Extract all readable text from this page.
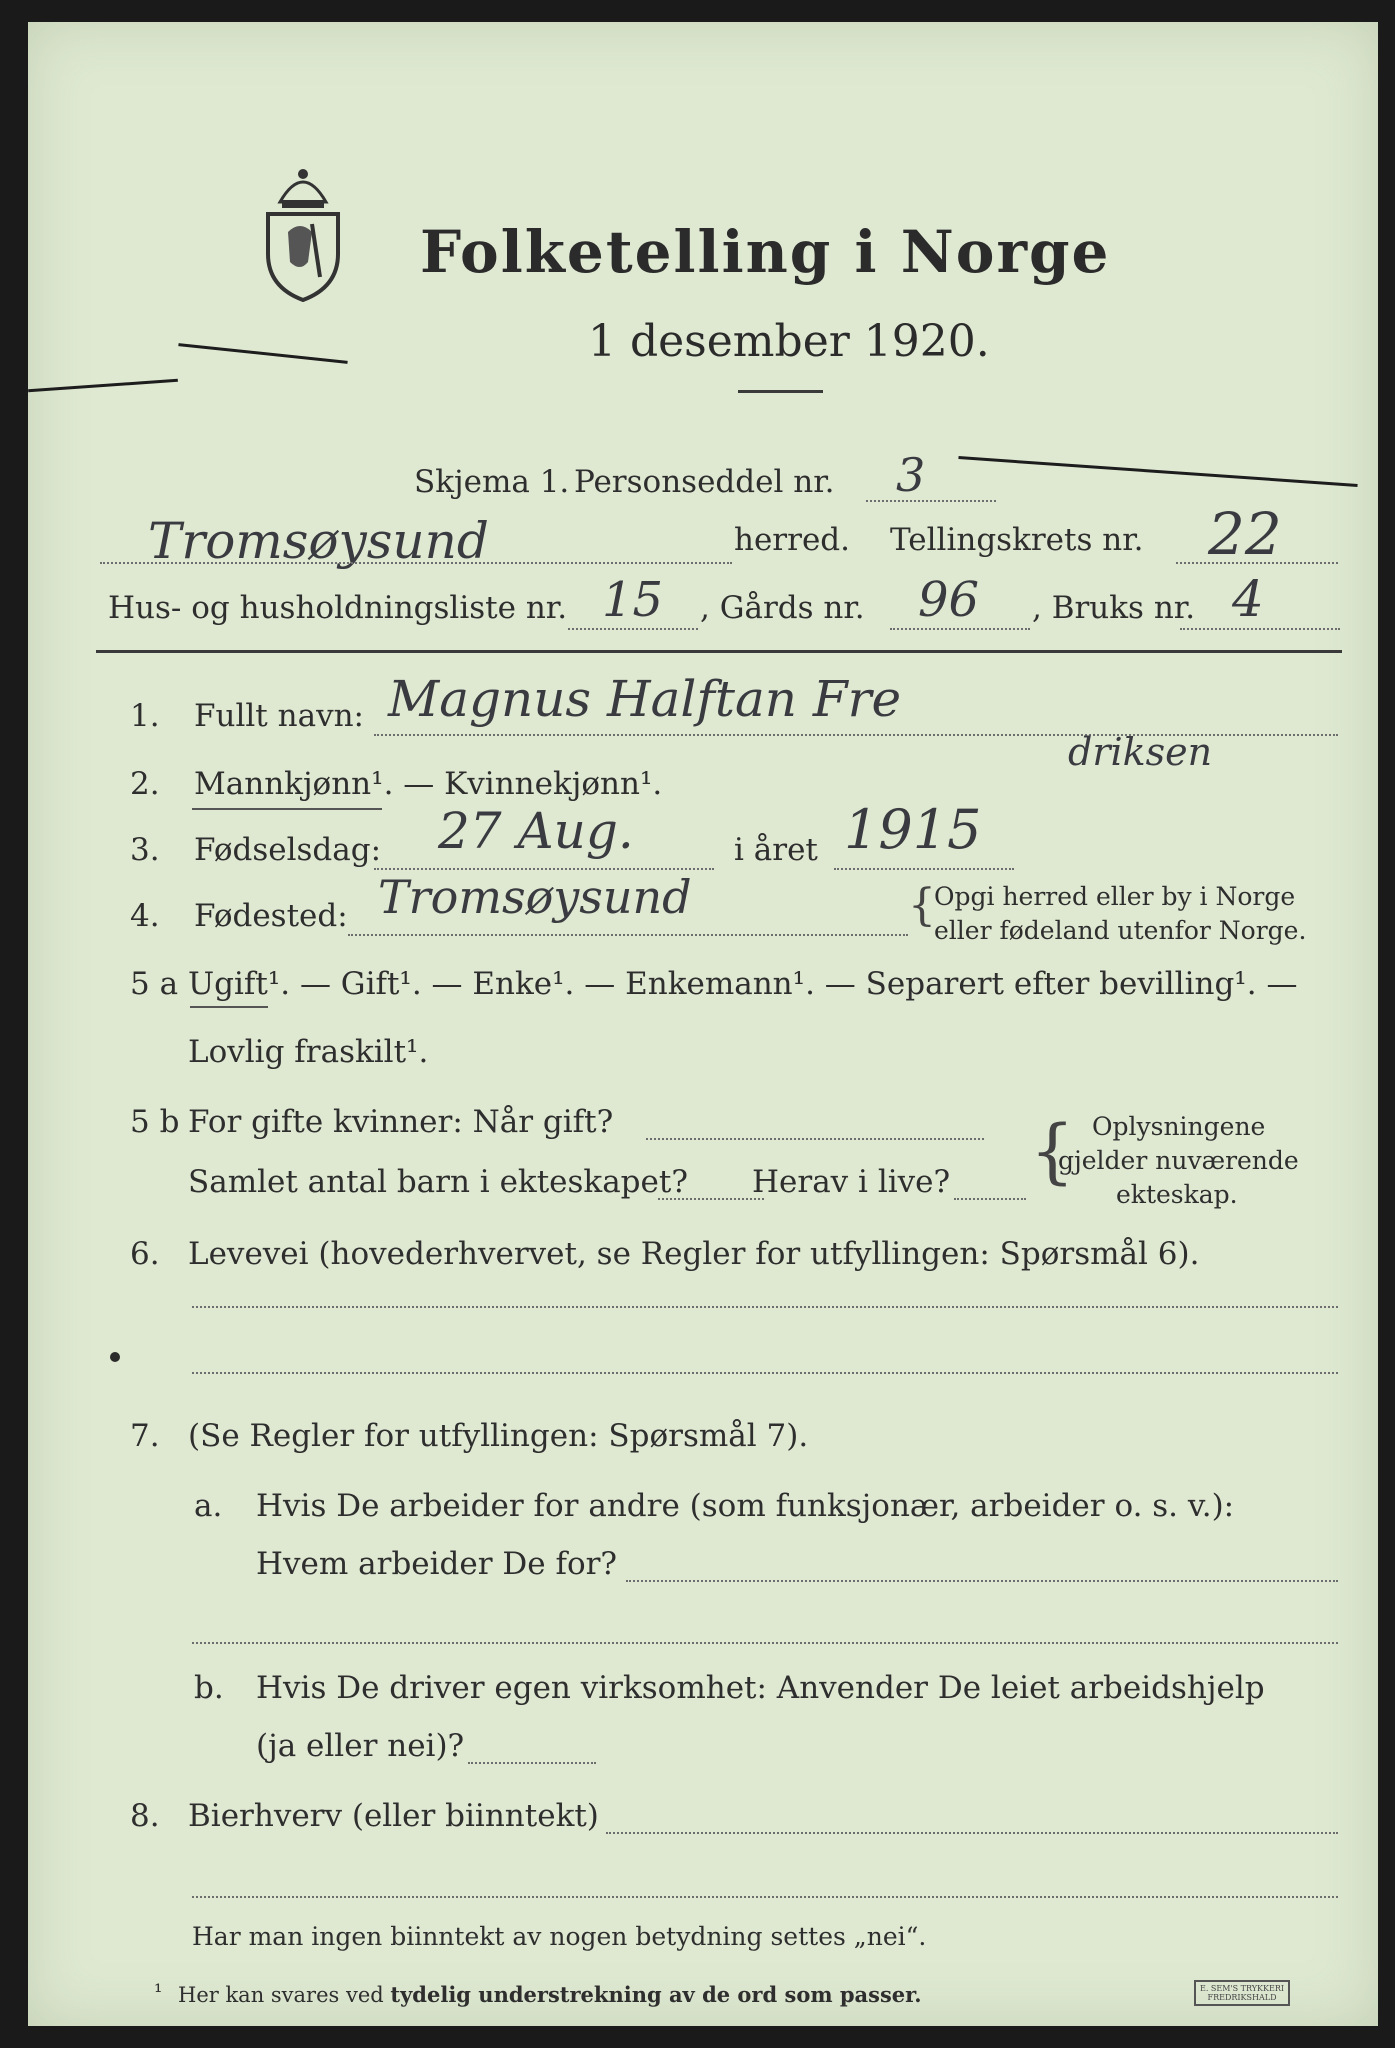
Folketelling i Norge
1 desember 1920.
Skjema 1. Personseddel nr. 3
Tromsøysund	herred. Tellingskrets nr. 22
Hus- og husholdningsliste nr. 15 , Gårds nr. 96 , Bruks nr. 4
1. Fullt navn: Magnus Halftan Fre
driksen
2. Mannkjønn¹. — Kvinnekjønn¹.
3. Fødselsdag: 27 Aug.	i året 1915
4. Fødested: Tromsøysund	{
Opgi herred eller by i Norge
eller fødeland utenfor Norge.
5 a Ugift¹. — Gift¹. — Enke¹. — Enkemann¹. — Separert efter bevilling¹. —
Lovlig fraskilt¹.
5 b For gifte kvinner: Når gift?
Samlet antal barn i ekteskapet? Herav i live? { Oplysningene
gjelder nuværende
ekteskap.
6. Levevei (hovederhvervet, se Regler for utfyllingen: Spørsmål 6).
7. (Se Regler for utfyllingen: Spørsmål 7).
a. Hvis De arbeider for andre (som funksjonær, arbeider o. s. v.):
Hvem arbeider De for?
b. Hvis De driver egen virksomhet: Anvender De leiet arbeidshjelp
(ja eller nei)?
8. Bierhverv (eller biinntekt)
Har man ingen biinntekt av nogen betydning settes „nei“.
¹ Her kan svares ved tydelig understrekning av de ord som passer.	E. SEM'S TRYKKERI
FREDRIKSHALD
